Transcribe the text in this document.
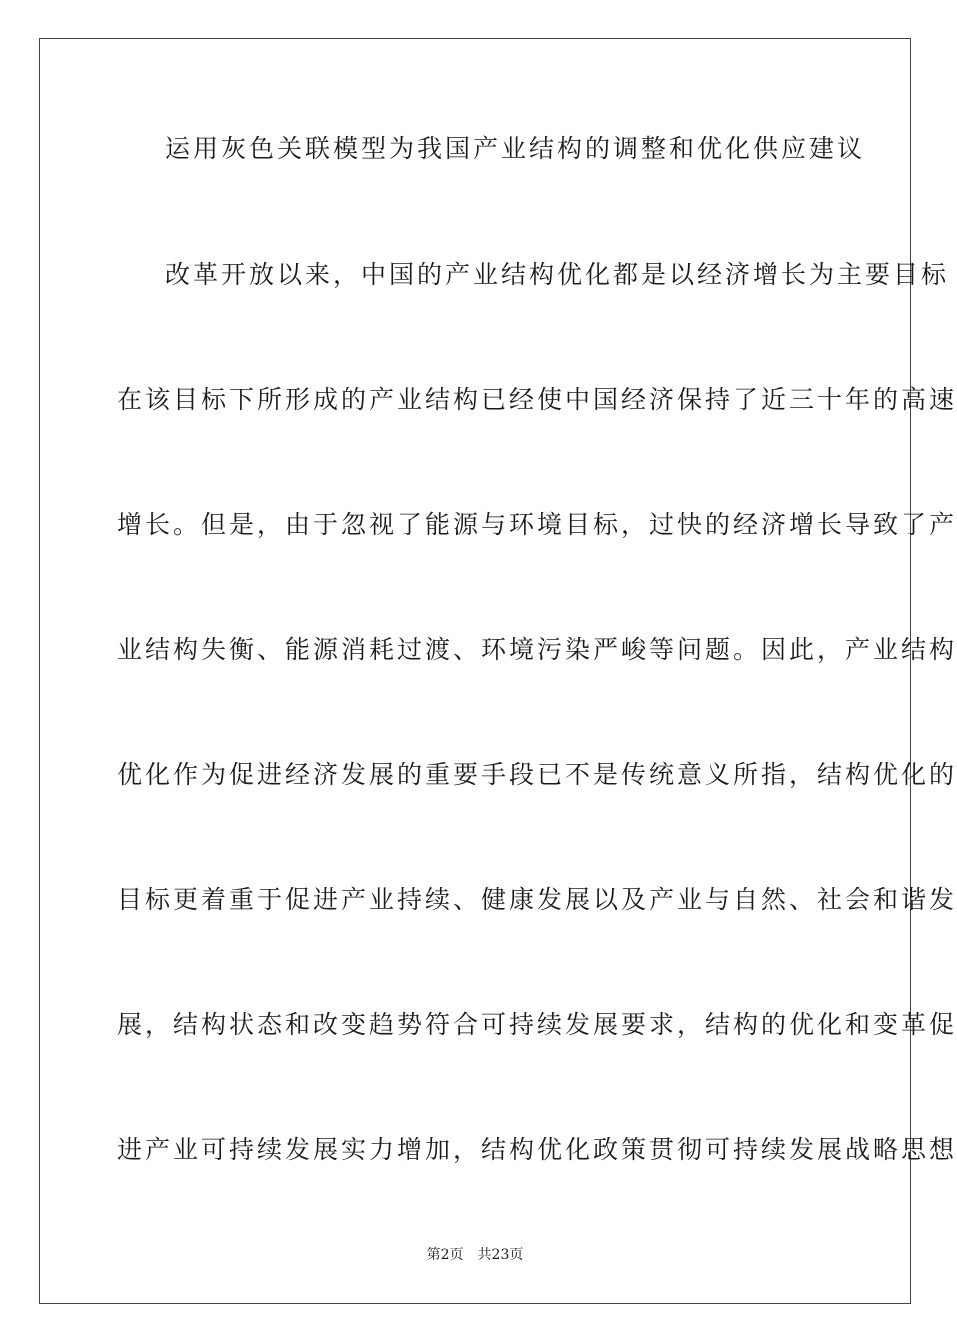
运用灰色关联模型为我国产业结构的调整和优化供应建议
改革开放以来，中国的产业结构优化都是以经济增长为主要目标
在该目标下所形成的产业结构已经使中国经济保持了近三十年的高速
增长。但是，由于忽视了能源与环境目标，过快的经济增长导致了产
业结构失衡、能源消耗过渡、环境污染严峻等问题。因此，产业结构
优化作为促进经济发展的重要手段已不是传统意义所指，结构优化的
目标更着重于促进产业持续、健康发展以及产业与自然、社会和谐发
展，结构状态和改变趋势符合可持续发展要求，结构的优化和变革促
进产业可持续发展实力增加，结构优化政策贯彻可持续发展战略思想
第2页 共23页
